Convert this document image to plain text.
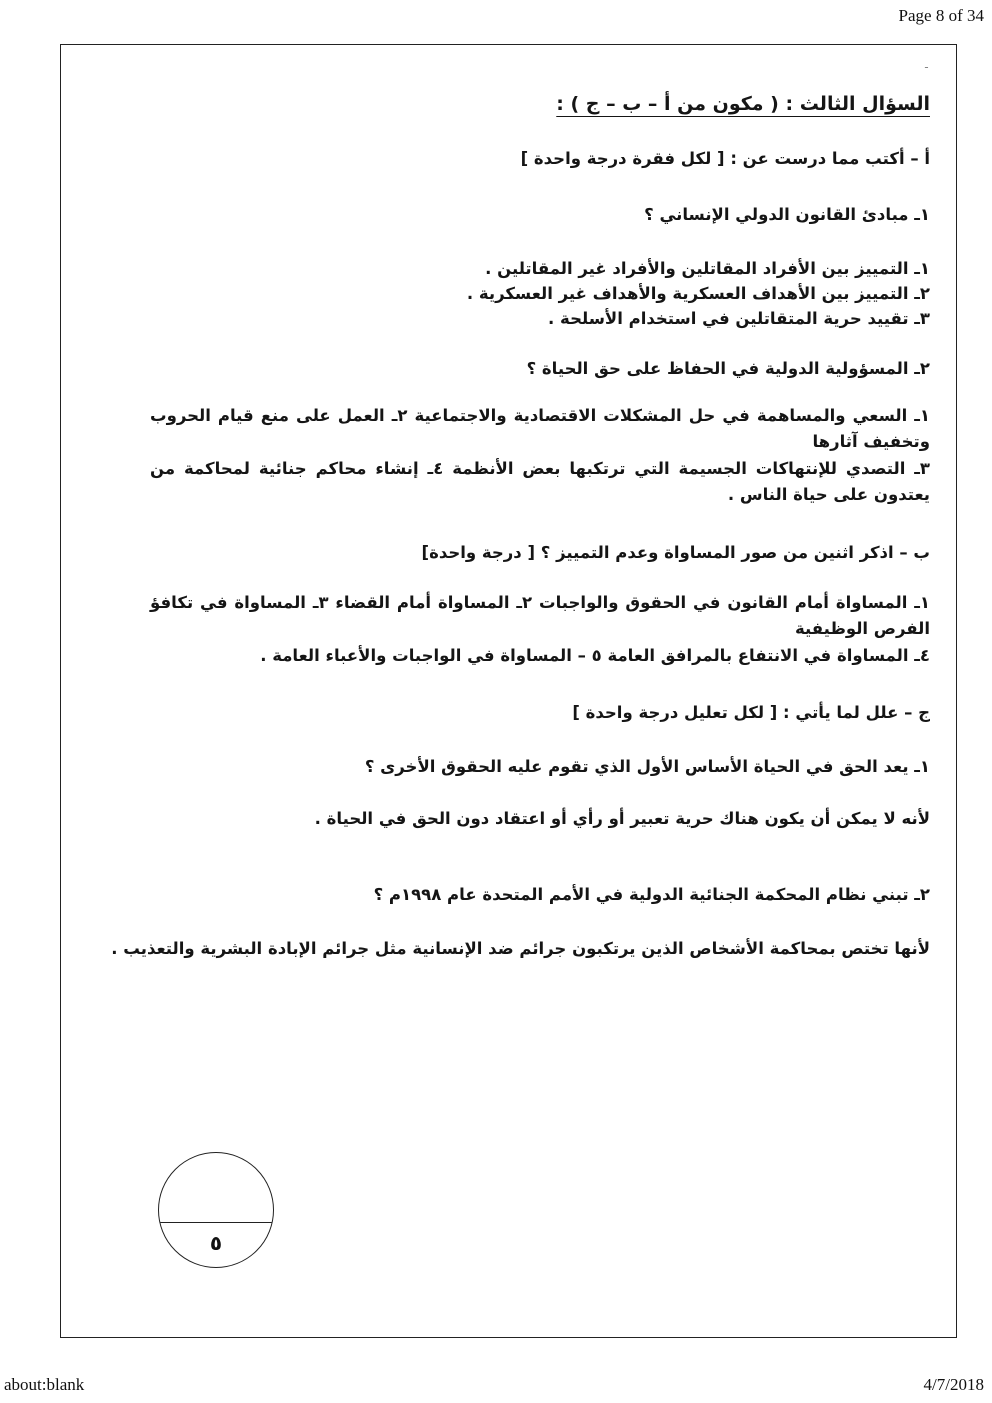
Page 8 of 34
ـ
السؤال الثالث : ( مكون من أ – ب – ج ) :
أ – أكتب مما درست عن : [ لكل فقرة درجة واحدة ]
١ـ مبادئ القانون الدولي الإنساني ؟
١ـ التمييز بين الأفراد المقاتلين والأفراد غير المقاتلين .
٢ـ التمييز بين الأهداف العسكرية والأهداف غير العسكرية .
٣ـ تقييد حرية المتقاتلين في استخدام الأسلحة .
٢ـ المسؤولية الدولية في الحفاظ على حق الحياة ؟
١ـ السعي والمساهمة في حل المشكلات الاقتصادية والاجتماعية ٢ـ العمل على منع قيام الحروب وتخفيف آثارها
٣ـ التصدي للإنتهاكات الجسيمة التي ترتكبها بعض الأنظمة ٤ـ إنشاء محاكم جنائية لمحاكمة من يعتدون على حياة الناس .
ب – اذكر اثنين من صور المساواة وعدم التمييز ؟ [ درجة واحدة]
١ـ المساواة أمام القانون في الحقوق والواجبات ٢ـ المساواة أمام القضاء ٣ـ المساواة في تكافؤ الفرص الوظيفية
٤ـ المساواة في الانتفاع بالمرافق العامة ٥ – المساواة في الواجبات والأعباء العامة .
ج – علل لما يأتي : [ لكل تعليل درجة واحدة ]
١ـ يعد الحق في الحياة الأساس الأول الذي تقوم عليه الحقوق الأخرى ؟
لأنه لا يمكن أن يكون هناك حرية تعبير أو رأي أو اعتقاد دون الحق في الحياة .
٢ـ تبني نظام المحكمة الجنائية الدولية في الأمم المتحدة عام ١٩٩٨م ؟
لأنها تختص بمحاكمة الأشخاص الذين يرتكبون جرائم ضد الإنسانية مثل جرائم الإبادة البشرية والتعذيب .
٥
about:blank	4/7/2018
